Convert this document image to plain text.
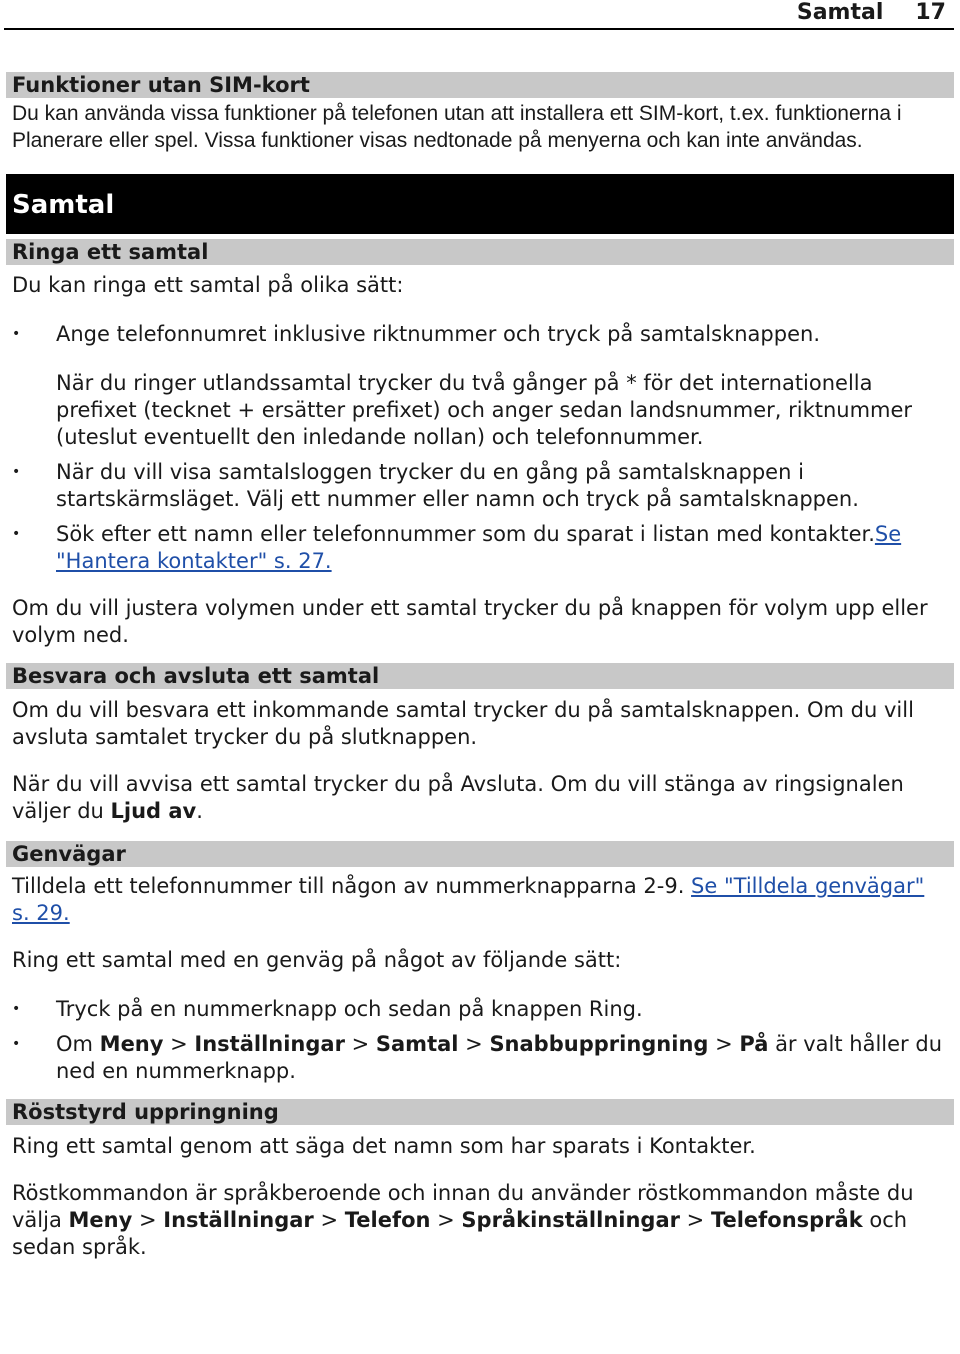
Samtal 17
Funktioner utan SIM-kort

Du kan använda vissa funktioner på telefonen utan att installera ett SIM-kort, t.ex. funktionerna i Planerare eller spel. Vissa funktioner visas nedtonade på menyerna och kan inte användas.

Samtal
Ringa ett samtal

Du kan ringa ett samtal på olika sätt:

• Ange telefonnumret inklusive riktnummer och tryck på samtalsknappen.

När du ringer utlandssamtal trycker du två gånger på * för det internationella prefixet (tecknet + ersätter prefixet) och anger sedan landsnummer, riktnummer (uteslut eventuellt den inledande nollan) och telefonnummer.

• När du vill visa samtalsloggen trycker du en gång på samtalsknappen i startskärmsläget. Välj ett nummer eller namn och tryck på samtalsknappen.

• Sök efter ett namn eller telefonnummer som du sparat i listan med kontakter.Se "Hantera kontakter" s. 27.

Om du vill justera volymen under ett samtal trycker du på knappen för volym upp eller volym ned.

Besvara och avsluta ett samtal

Om du vill besvara ett inkommande samtal trycker du på samtalsknappen. Om du vill avsluta samtalet trycker du på slutknappen.

När du vill avvisa ett samtal trycker du på Avsluta. Om du vill stänga av ringsignalen väljer du Ljud av.

Genvägar

Tilldela ett telefonnummer till någon av nummerknapparna 2-9. Se "Tilldela genvägar" s. 29.

Ring ett samtal med en genväg på något av följande sätt:

• Tryck på en nummerknapp och sedan på knappen Ring.

• Om Meny > Inställningar > Samtal > Snabbuppringning > På är valt håller du ned en nummerknapp.

Röststyrd uppringning

Ring ett samtal genom att säga det namn som har sparats i Kontakter.

Röstkommandon är språkberoende och innan du använder röstkommandon måste du välja Meny > Inställningar > Telefon > Språkinställningar > Telefonspråk och sedan språk.
